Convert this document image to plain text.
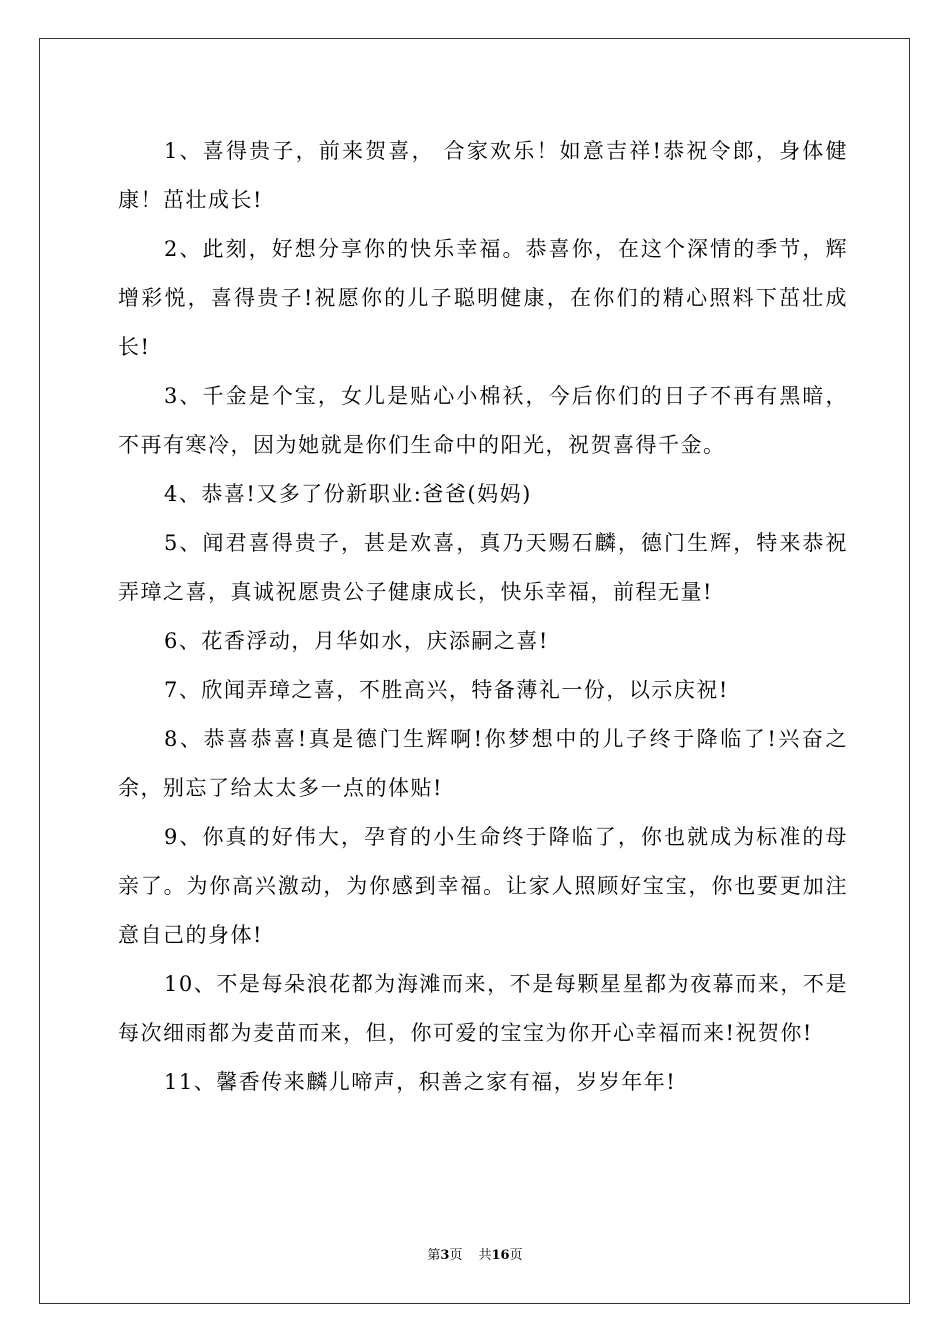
1、喜得贵子，前来贺喜， 合家欢乐！如意吉祥!恭祝令郎，身体健康！茁壮成长!

2、此刻，好想分享你的快乐幸福。恭喜你，在这个深情的季节，辉增彩悦，喜得贵子!祝愿你的儿子聪明健康，在你们的精心照料下茁壮成长!

3、千金是个宝，女儿是贴心小棉袄，今后你们的日子不再有黑暗，不再有寒冷，因为她就是你们生命中的阳光，祝贺喜得千金。

4、恭喜!又多了份新职业:爸爸(妈妈)

5、闻君喜得贵子，甚是欢喜，真乃天赐石麟，德门生辉，特来恭祝弄璋之喜，真诚祝愿贵公子健康成长，快乐幸福，前程无量!

6、花香浮动，月华如水，庆添嗣之喜!

7、欣闻弄璋之喜，不胜高兴，特备薄礼一份，以示庆祝!

8、恭喜恭喜!真是德门生辉啊!你梦想中的儿子终于降临了!兴奋之余，别忘了给太太多一点的体贴!

9、你真的好伟大，孕育的小生命终于降临了，你也就成为标准的母亲了。为你高兴激动，为你感到幸福。让家人照顾好宝宝，你也要更加注意自己的身体!

10、不是每朵浪花都为海滩而来，不是每颗星星都为夜幕而来，不是每次细雨都为麦苗而来，但，你可爱的宝宝为你开心幸福而来!祝贺你!

11、馨香传来麟儿啼声，积善之家有福，岁岁年年!

第3页 共16页
